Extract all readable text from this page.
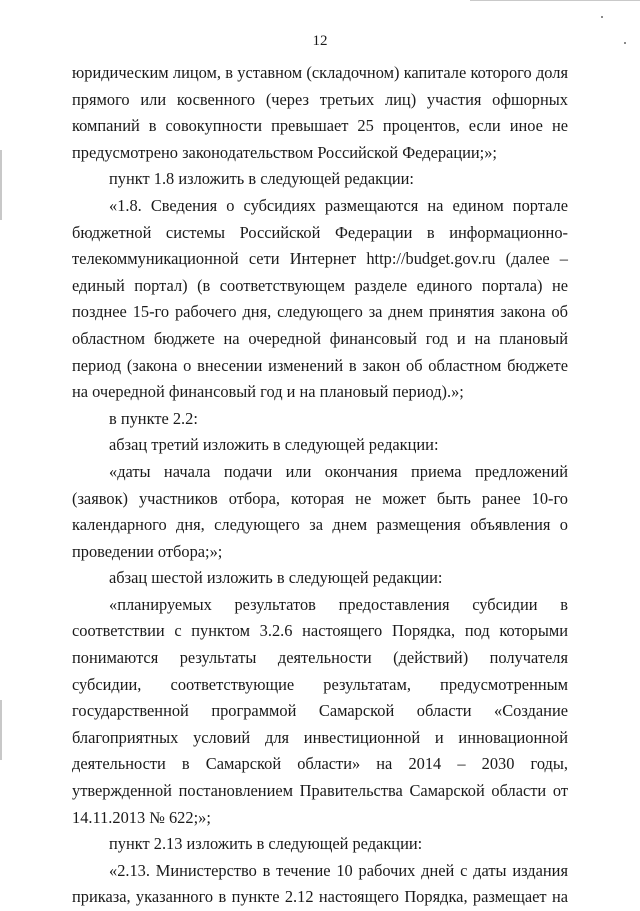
12

юридическим лицом, в уставном (складочном) капитале которого доля прямого или косвенного (через третьих лиц) участия офшорных компаний в совокупности превышает 25 процентов, если иное не предусмотрено законодательством Российской Федерации;»;

пункт 1.8 изложить в следующей редакции:

«1.8. Сведения о субсидиях размещаются на едином портале бюджетной системы Российской Федерации в информационно-телекоммуникационной сети Интернет http://budget.gov.ru (далее – единый портал) (в соответствующем разделе единого портала) не позднее 15-го рабочего дня, следующего за днем принятия закона об областном бюджете на очередной финансовый год и на плановый период (закона о внесении изменений в закон об областном бюджете на очередной финансовый год и на плановый период).»;

в пункте 2.2:

абзац третий изложить в следующей редакции:

«даты начала подачи или окончания приема предложений (заявок) участников отбора, которая не может быть ранее 10-го календарного дня, следующего за днем размещения объявления о проведении отбора;»;

абзац шестой изложить в следующей редакции:

«планируемых результатов предоставления субсидии в соответствии с пунктом 3.2.6 настоящего Порядка, под которыми понимаются результаты деятельности (действий) получателя субсидии, соответствующие результатам, предусмотренным государственной программой Самарской области «Создание благоприятных условий для инвестиционной и инновационной деятельности в Самарской области» на 2014 – 2030 годы, утвержденной постановлением Правительства Самарской области от 14.11.2013 № 622;»;

пункт 2.13 изложить в следующей редакции:

«2.13. Министерство в течение 10 рабочих дней с даты издания приказа, указанного в пункте 2.12 настоящего Порядка, размещает на
